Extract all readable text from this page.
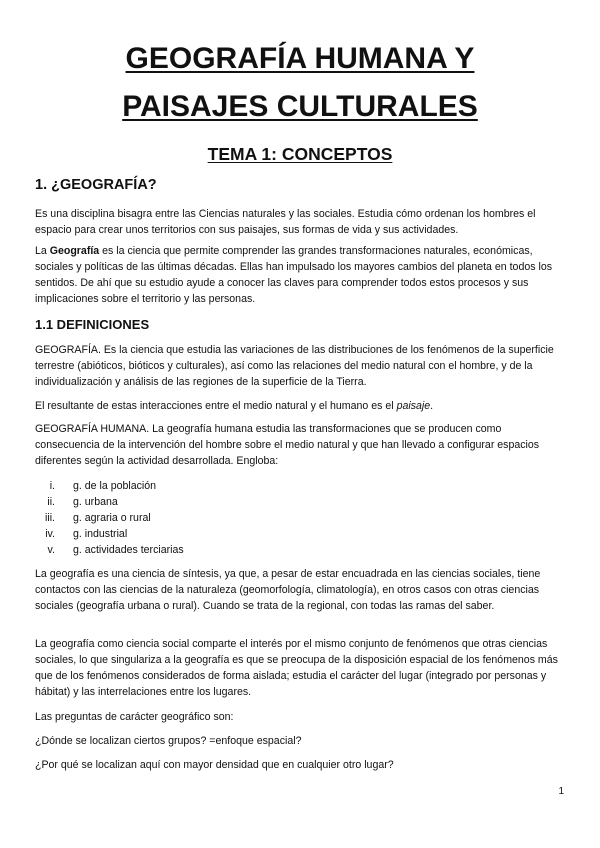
GEOGRAFÍA HUMANA Y
PAISAJES CULTURALES
TEMA 1: CONCEPTOS
1. ¿GEOGRAFÍA?

Es una disciplina bisagra entre las Ciencias naturales y las sociales. Estudia cómo ordenan los hombres el espacio para crear unos territorios con sus paisajes, sus formas de vida y sus actividades.

La Geografía es la ciencia que permite comprender las grandes transformaciones naturales, económicas, sociales y políticas de las últimas décadas. Ellas han impulsado los mayores cambios del planeta en todos los sentidos. De ahí que su estudio ayude a conocer las claves para comprender todos estos procesos y sus implicaciones sobre el territorio y las personas.

1.1 DEFINICIONES

GEOGRAFÍA. Es la ciencia que estudia las variaciones de las distribuciones de los fenómenos de la superficie terrestre (abióticos, bióticos y culturales), así como las relaciones del medio natural con el hombre, y de la individualización y análisis de las regiones de la superficie de la Tierra.

El resultante de estas interacciones entre el medio natural y el humano es el paisaje.

GEOGRAFÍA HUMANA. La geografía humana estudia las transformaciones que se producen como consecuencia de la intervención del hombre sobre el medio natural y que han llevado a configurar espacios diferentes según la actividad desarrollada. Engloba:

i. g. de la población
ii. g. urbana
iii. g. agraria o rural
iv. g. industrial
v. g. actividades terciarias

La geografía es una ciencia de síntesis, ya que, a pesar de estar encuadrada en las ciencias sociales, tiene contactos con las ciencias de la naturaleza (geomorfología, climatología), en otros casos con otras ciencias sociales (geografía urbana o rural). Cuando se trata de la regional, con todas las ramas del saber.

La geografía como ciencia social comparte el interés por el mismo conjunto de fenómenos que otras ciencias sociales, lo que singulariza a la geografía es que se preocupa de la disposición espacial de los fenómenos más que de los fenómenos considerados de forma aislada; estudia el carácter del lugar (integrado por personas y hábitat) y las interrelaciones entre los lugares.

Las preguntas de carácter geográfico son:

¿Dónde se localizan ciertos grupos? =enfoque espacial?

¿Por qué se localizan aquí con mayor densidad que en cualquier otro lugar?

1
